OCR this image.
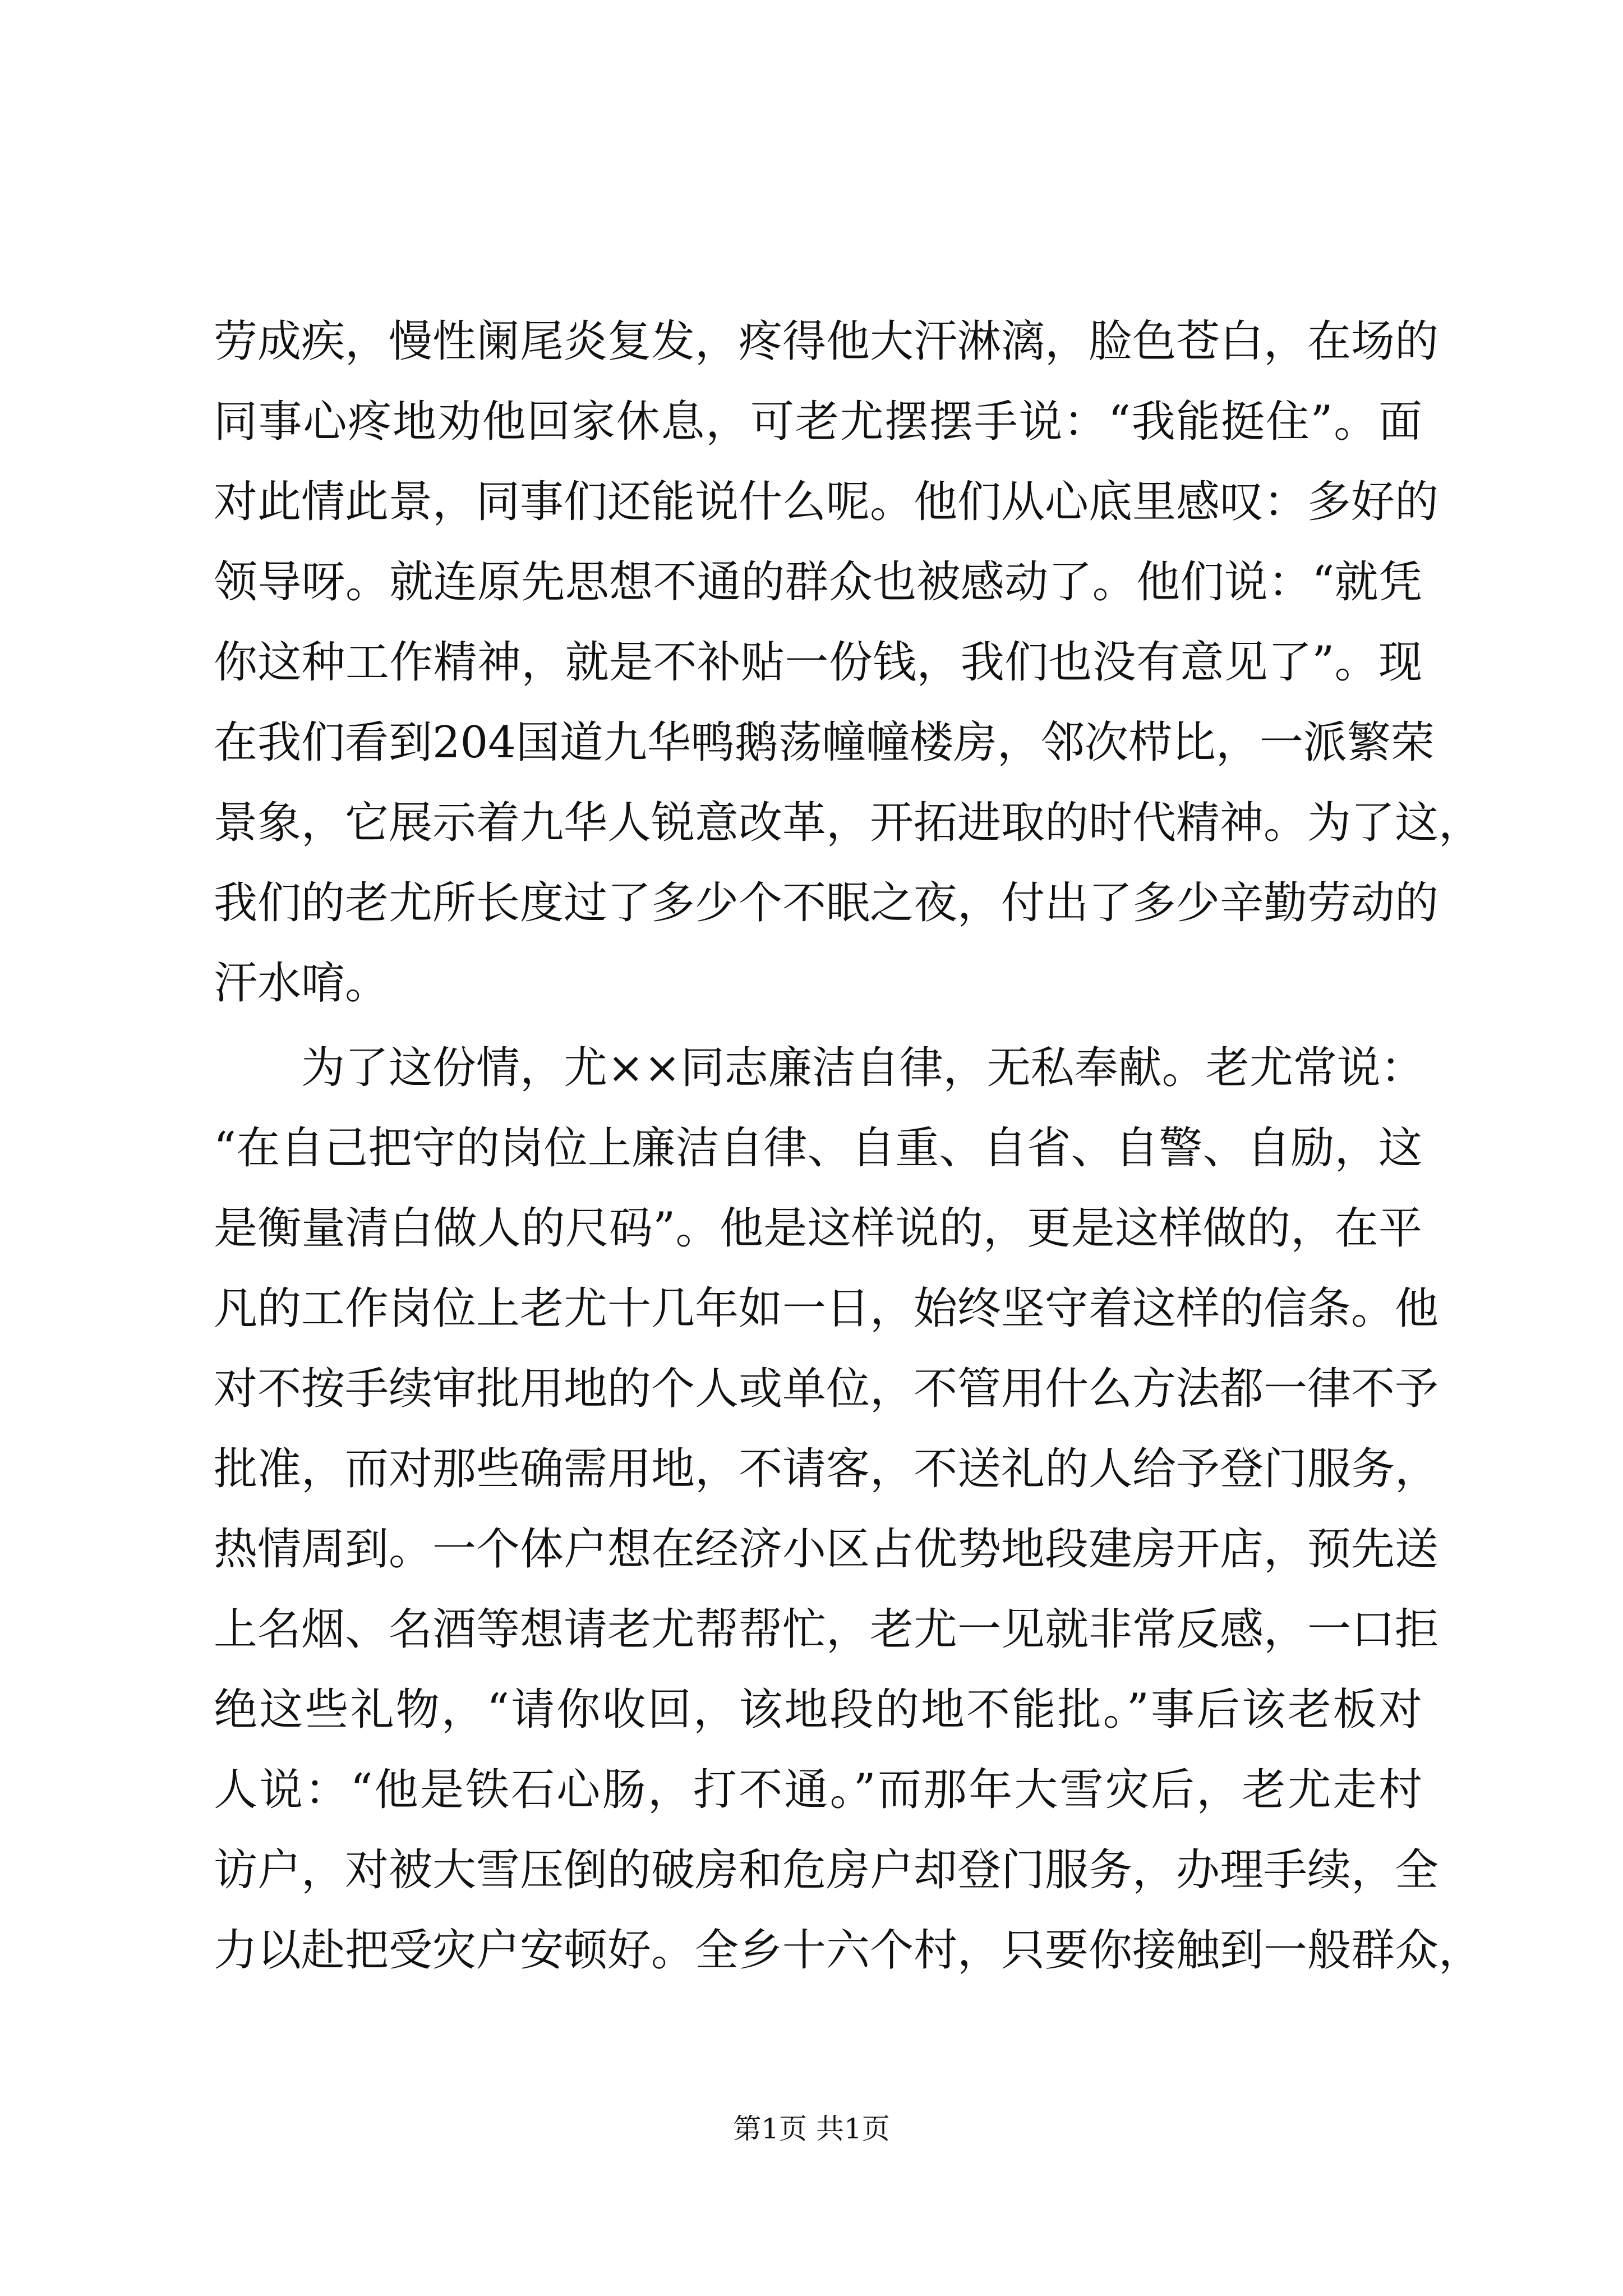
劳成疾，慢性阑尾炎复发，疼得他大汗淋漓，脸色苍白，在场的
同事心疼地劝他回家休息，可老尤摆摆手说：“我能挺住”。面
对此情此景，同事们还能说什么呢。他们从心底里感叹：多好的
领导呀。就连原先思想不通的群众也被感动了。他们说：“就凭
你这种工作精神，就是不补贴一份钱，我们也没有意见了”。现
在我们看到204国道九华鸭鹅荡幢幢楼房，邻次栉比，一派繁荣
景象，它展示着九华人锐意改革，开拓进取的时代精神。为了这，
我们的老尤所长度过了多少个不眠之夜，付出了多少辛勤劳动的
汗水唷。
为了这份情，尤××同志廉洁自律，无私奉献。老尤常说：
“在自己把守的岗位上廉洁自律、自重、自省、自警、自励，这
是衡量清白做人的尺码”。他是这样说的，更是这样做的，在平
凡的工作岗位上老尤十几年如一日，始终坚守着这样的信条。他
对不按手续审批用地的个人或单位，不管用什么方法都一律不予
批准，而对那些确需用地，不请客，不送礼的人给予登门服务，
热情周到。一个体户想在经济小区占优势地段建房开店，预先送
上名烟、名酒等想请老尤帮帮忙，老尤一见就非常反感，一口拒
绝这些礼物，“请你收回，该地段的地不能批。”事后该老板对
人说：“他是铁石心肠，打不通。”而那年大雪灾后，老尤走村
访户，对被大雪压倒的破房和危房户却登门服务，办理手续，全
力以赴把受灾户安顿好。全乡十六个村，只要你接触到一般群众，
第1页 共1页
